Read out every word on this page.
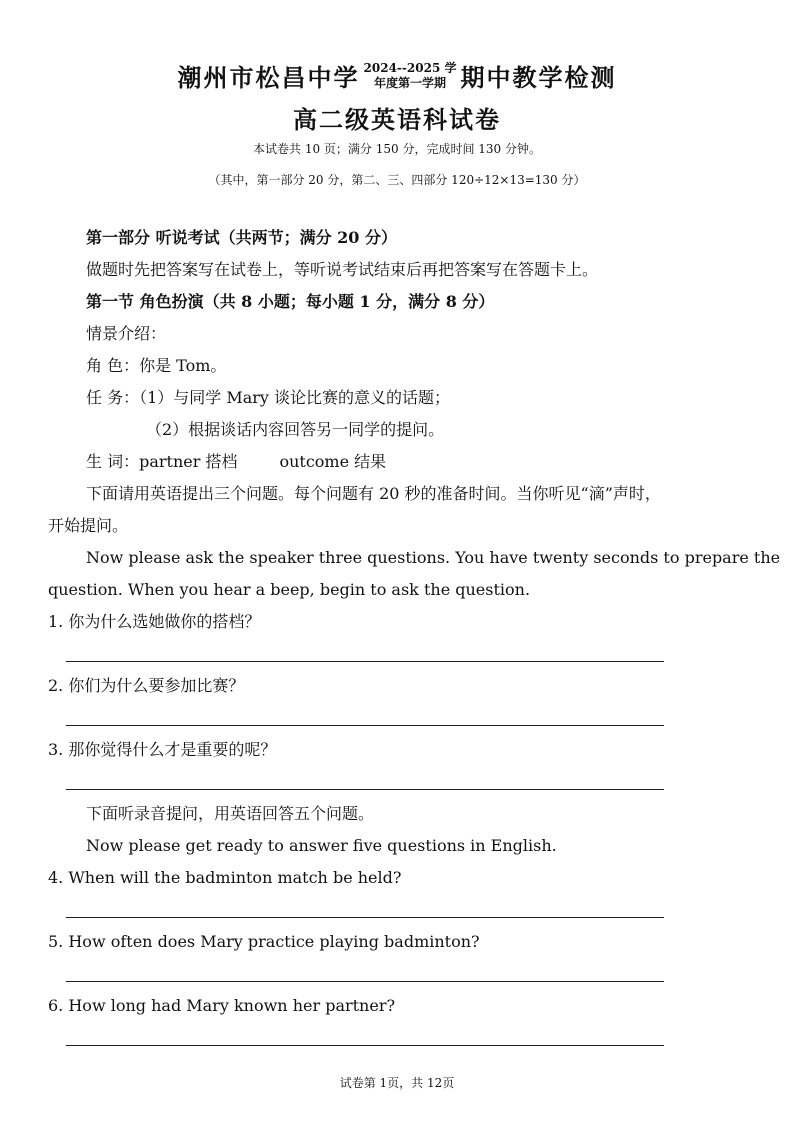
潮州市松昌中学 2024--2025 学
年度第一学期 期中教学检测
高二级英语科试卷
本试卷共 10 页；满分 150 分，完成时间 130 分钟。
（其中，第一部分 20 分，第二、三、四部分 120÷12×13=130 分）
第一部分 听说考试（共两节；满分 20 分）
做题时先把答案写在试卷上，等听说考试结束后再把答案写在答题卡上。
第一节 角色扮演（共 8 小题；每小题 1 分，满分 8 分）
情景介绍：
角 色：你是 Tom。
任 务：（1）与同学 Mary 谈论比赛的意义的话题；
（2）根据谈话内容回答另一同学的提问。
生 词：partner 搭档	outcome 结果
下面请用英语提出三个问题。每个问题有 20 秒的准备时间。当你听见“滴”声时，
开始提问。
Now please ask the speaker three questions. You have twenty seconds to prepare the
question. When you hear a beep, begin to ask the question.
1. 你为什么选她做你的搭档？
2. 你们为什么要参加比赛？
3. 那你觉得什么才是重要的呢？
下面听录音提问，用英语回答五个问题。
Now please get ready to answer five questions in English.
4. When will the badminton match be held?
5. How often does Mary practice playing badminton?
6. How long had Mary known her partner?
试卷第 1页，共 12页
